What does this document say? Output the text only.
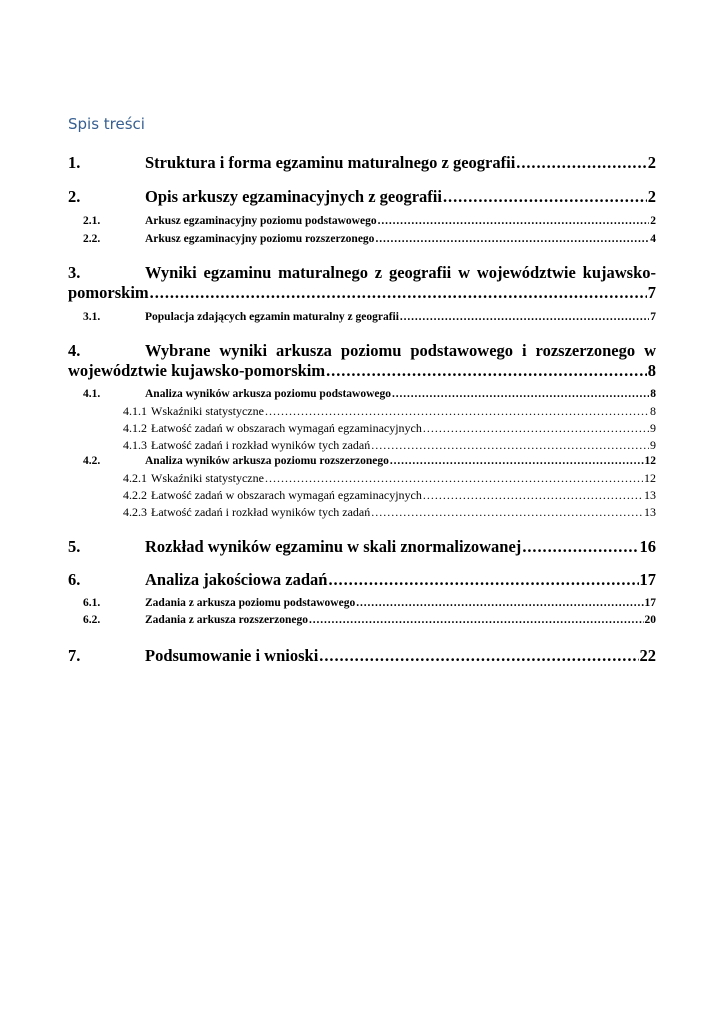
Spis treści
1.	Struktura i forma egzaminu maturalnego z geografii . . .	2
2.	Opis arkuszy egzaminacyjnych z geografii . . .	2
2.1.	Arkusz egzaminacyjny poziomu podstawowego . . .	2
2.2.	Arkusz egzaminacyjny poziomu rozszerzonego . . .	4
3.	Wyniki egzaminu maturalnego z geografii w województwie kujawsko-
pomorskim . . .	7
3.1.	Populacja zdających egzamin maturalny z geografii . . .	7
4.	Wybrane wyniki arkusza poziomu podstawowego i rozszerzonego w
województwie kujawsko-pomorskim . . .	8
4.1.	Analiza wyników arkusza poziomu podstawowego . . .	8
4.1.1 Wskaźniki statystyczne . . .	8
4.1.2 Łatwość zadań w obszarach wymagań egzaminacyjnych . . .	9
4.1.3 Łatwość zadań i rozkład wyników tych zadań . . .	9
4.2.	Analiza wyników arkusza poziomu rozszerzonego . . .	12
4.2.1 Wskaźniki statystyczne . . .	12
4.2.2 Łatwość zadań w obszarach wymagań egzaminacyjnych . . .	13
4.2.3 Łatwość zadań i rozkład wyników tych zadań . . .	13
5.	Rozkład wyników egzaminu w skali znormalizowanej . . .	16
6.	Analiza jakościowa zadań . . .	17
6.1.	Zadania z arkusza poziomu podstawowego . . .	17
6.2.	Zadania z arkusza rozszerzonego . . .	20
7.	Podsumowanie i wnioski . . .	22
